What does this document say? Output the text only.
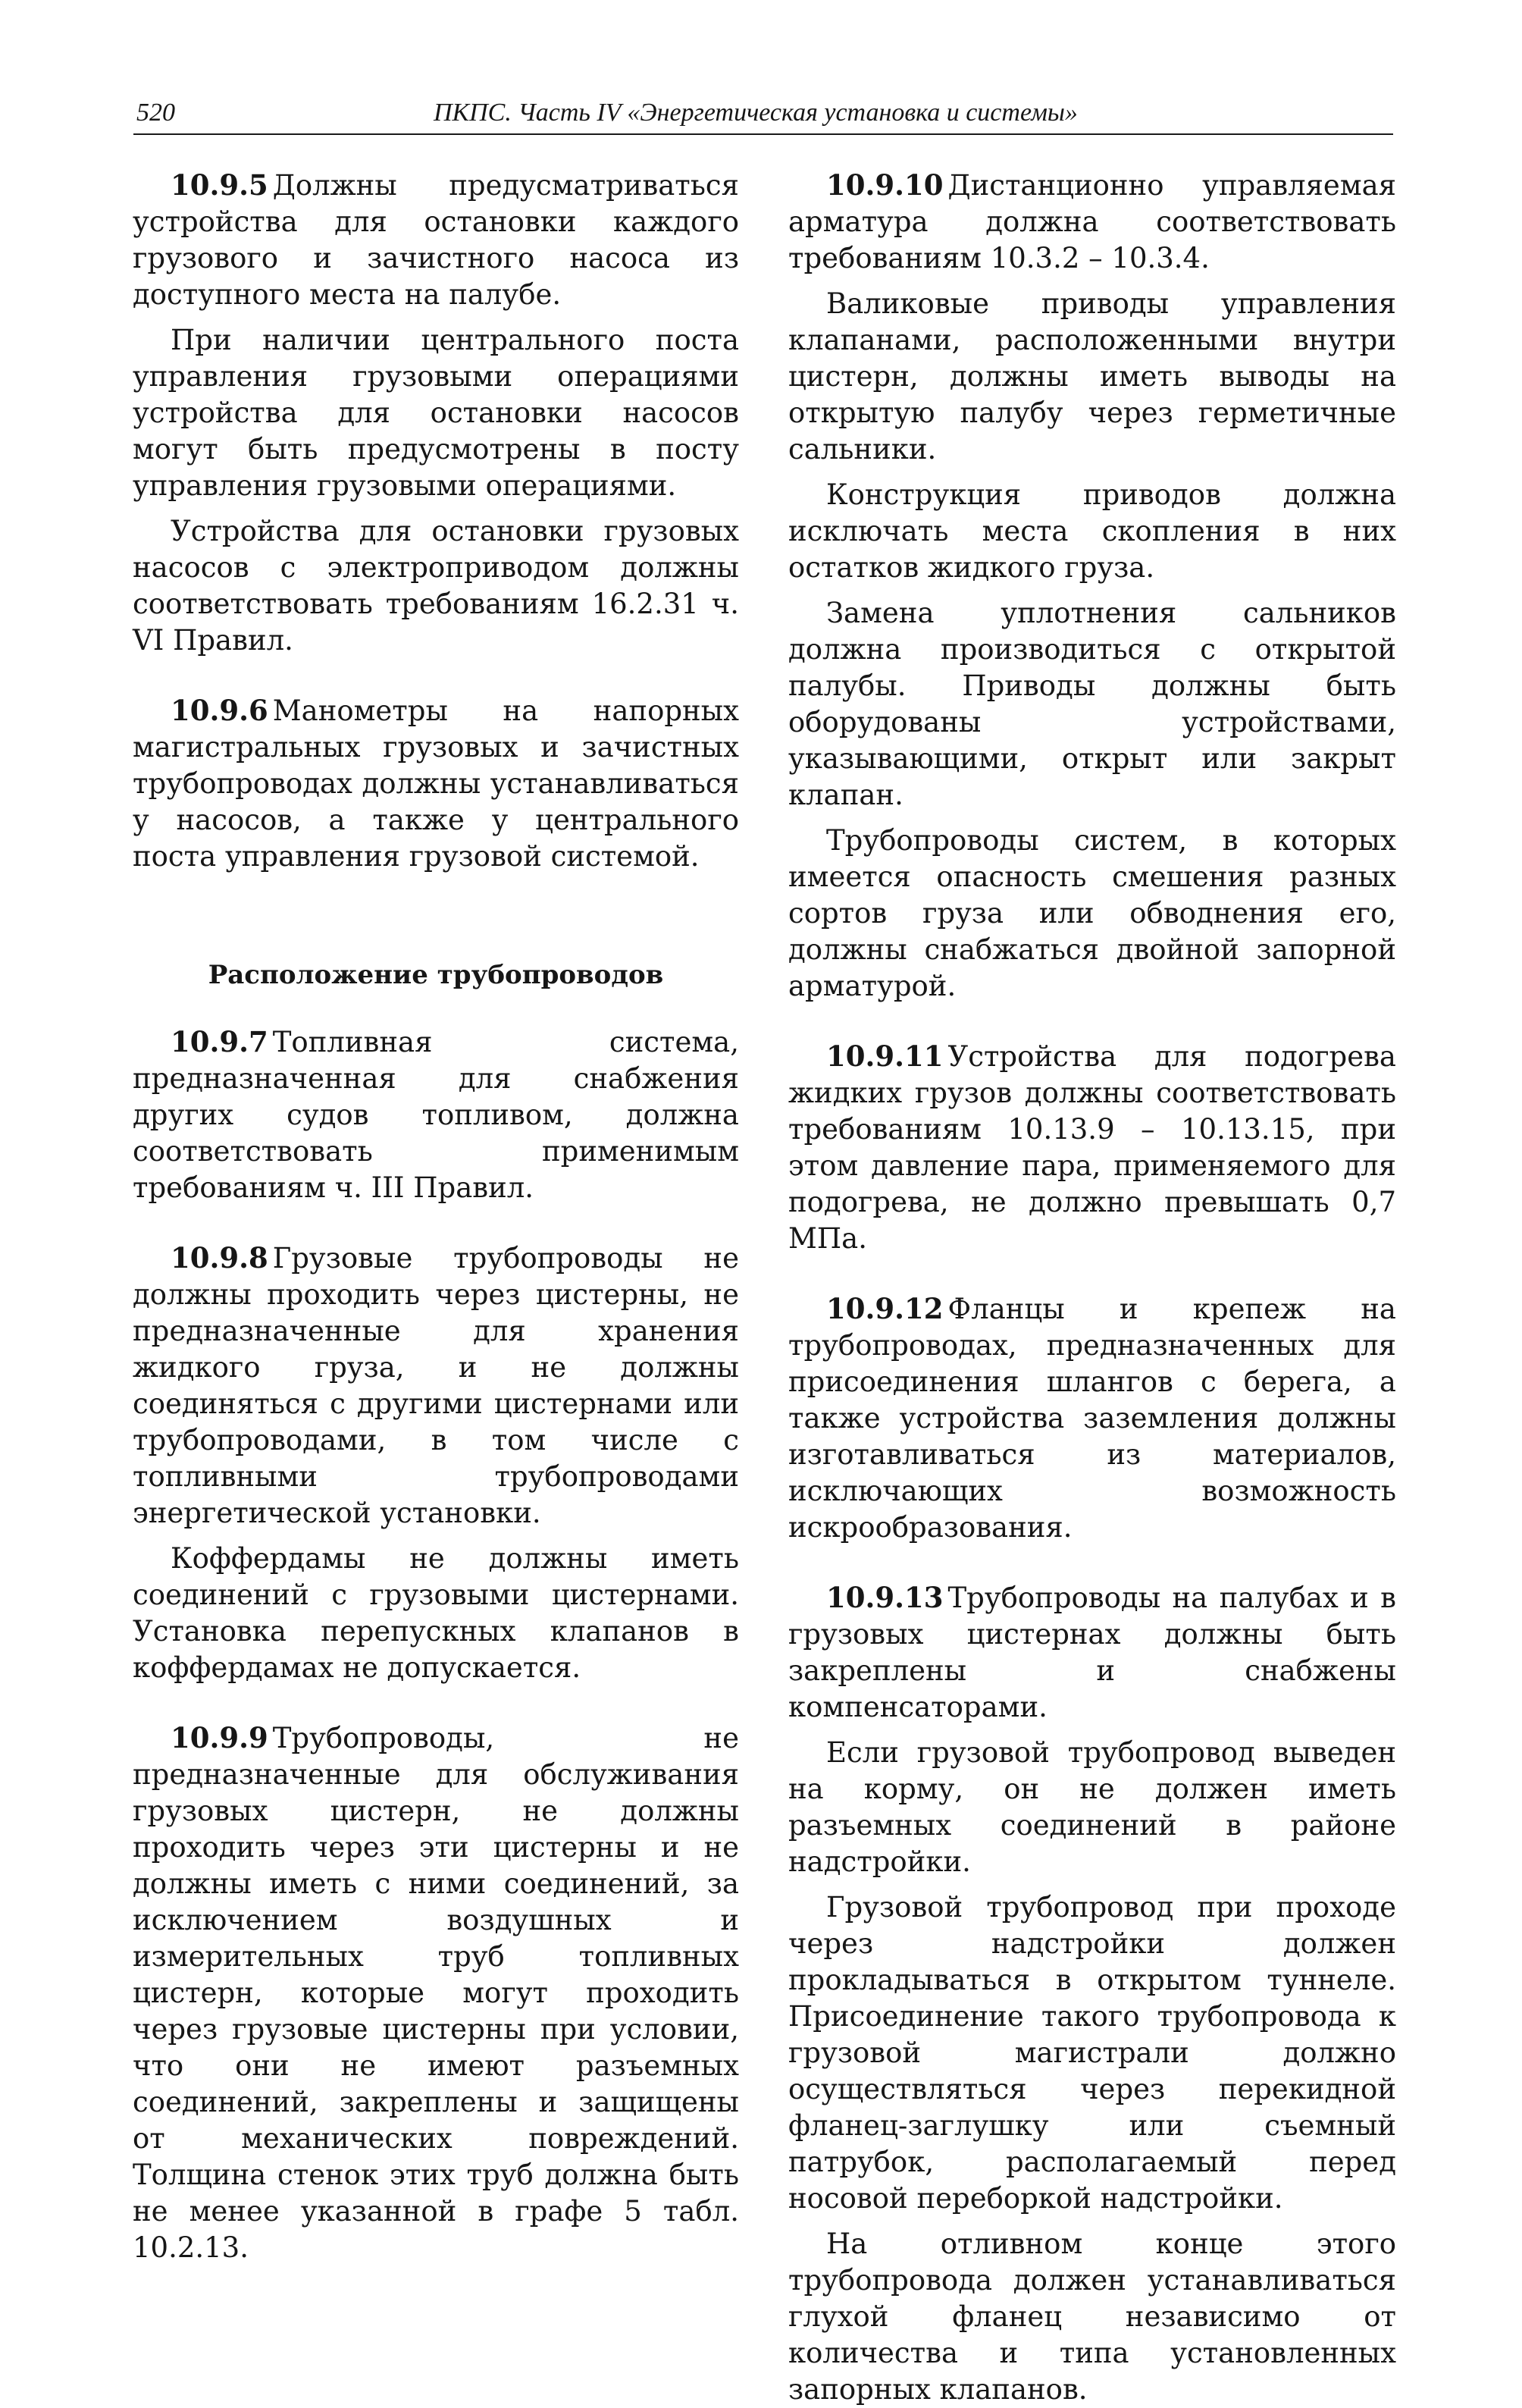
520	ПКПС. Часть IV «Энергетическая установка и системы»

10.9.5 Должны предусматриваться устройства для остановки каждого грузового и зачистного насоса из доступного места на палубе.

При наличии центрального поста управления грузовыми операциями устройства для остановки насосов могут быть предусмотрены в посту управления грузовыми операциями.

Устройства для остановки грузовых насосов с электроприводом должны соответствовать требованиям 16.2.31 ч. VI Правил.

10.9.6 Манометры на напорных магистральных грузовых и зачистных трубопроводах должны устанавливаться у насосов, а также у центрального поста управления грузовой системой.

Расположение трубопроводов

10.9.7 Топливная система, предназначенная для снабжения других судов топливом, должна соответствовать применимым требованиям ч. III Правил.

10.9.8 Грузовые трубопроводы не должны проходить через цистерны, не предназначенные для хранения жидкого груза, и не должны соединяться с другими цистернами или трубопроводами, в том числе с топливными трубопроводами энергетической установки.

Коффердамы не должны иметь соединений с грузовыми цистернами. Установка перепускных клапанов в коффердамах не допускается.

10.9.9 Трубопроводы, не предназначенные для обслуживания грузовых цистерн, не должны проходить через эти цистерны и не должны иметь с ними соединений, за исключением воздушных и измерительных труб топливных цистерн, которые могут проходить через грузовые цистерны при условии, что они не имеют разъемных соединений, закреплены и защищены от механических повреждений. Толщина стенок этих труб должна быть не менее указанной в графе 5 табл. 10.2.13.

10.9.10 Дистанционно управляемая арматура должна соответствовать требованиям 10.3.2 – 10.3.4.

Валиковые приводы управления клапанами, расположенными внутри цистерн, должны иметь выводы на открытую палубу через герметичные сальники.

Конструкция приводов должна исключать места скопления в них остатков жидкого груза.

Замена уплотнения сальников должна производиться с открытой палубы. Приводы должны быть оборудованы устройствами, указывающими, открыт или закрыт клапан.

Трубопроводы систем, в которых имеется опасность смешения разных сортов груза или обводнения его, должны снабжаться двойной запорной арматурой.

10.9.11 Устройства для подогрева жидких грузов должны соответствовать требованиям 10.13.9 – 10.13.15, при этом давление пара, применяемого для подогрева, не должно превышать 0,7 МПа.

10.9.12 Фланцы и крепеж на трубопроводах, предназначенных для присоединения шлангов с берега, а также устройства заземления должны изготавливаться из материалов, исключающих возможность искрообразования.

10.9.13 Трубопроводы на палубах и в грузовых цистернах должны быть закреплены и снабжены компенсаторами.

Если грузовой трубопровод выведен на корму, он не должен иметь разъемных соединений в районе надстройки.

Грузовой трубопровод при проходе через надстройки должен прокладываться в открытом туннеле. Присоединение такого трубопровода к грузовой магистрали должно осуществляться через перекидной фланец-заглушку или съемный патрубок, располагаемый перед носовой переборкой надстройки.

На отливном конце этого трубопровода должен устанавливаться глухой фланец независимо от количества и типа установленных запорных клапанов.
